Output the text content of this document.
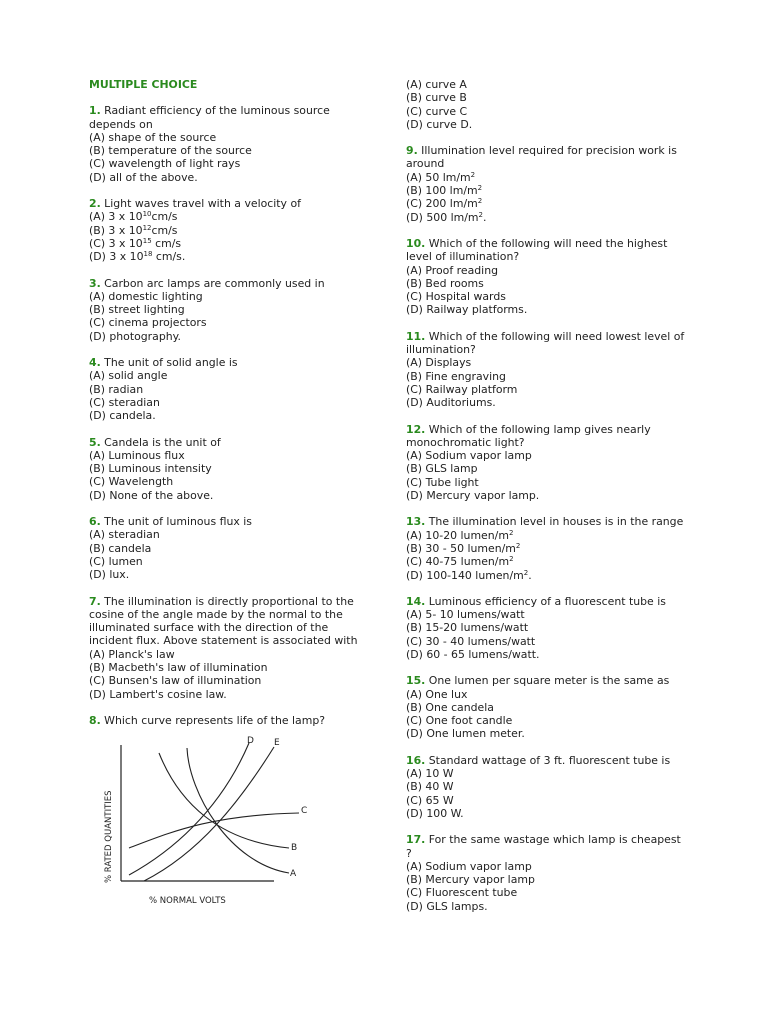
MULTIPLE CHOICE
1. Radiant efficiency of the luminous source depends on
(A) shape of the source
(B) temperature of the source
(C) wavelength of light rays
(D) all of the above.
2. Light waves travel with a velocity of
(A) 3 x $10^{10}cm/s$
(B) 3 x $10^{12}cm/s$
(C) 3 x $10^{15}$ cm/s
(D) 3 x $10^{18}$ cm/s.
3. Carbon arc lamps are commonly used in
(A) domestic lighting
(B) street lighting
(C) cinema projectors
(D) photography.
4. The unit of solid angle is
(A) solid angle
(B) radian
(C) steradian
(D) candela.
5. Candela is the unit of
(A) Luminous flux
(B) Luminous intensity
(C) Wavelength
(D) None of the above.
6. The unit of luminous flux is
(A) steradian
(B) candela
(C) lumen
(D) lux.
7. The illumination is directly proportional to the cosine of the angle made by the normal to the illuminated surface with the direction of the incident flux. Above statement is associated with
(A) Planck's law
(B) Macbeth's law of illumination
(C) Bunsen's law of illumination
(D) Lambert's cosine law.
8. Which curve represents life of the lamp?
D E
C
B
A
% RATED QUANTITIES
% NORMAL VOLTS
(A) curve A
(B) curve B
(C) curve C
(D) curve D.
9. Illumination level required for precision work is around
(A) 50 $lm/m^2$
(B) 100 $lm/m^2$
(C) 200 $lm/m^2$
(D) 500 $lm/m^2$.
10. Which of the following will need the highest level of illumination?
(A) Proof reading
(B) Bed rooms
(C) Hospital wards
(D) Railway platforms.
11. Which of the following will need lowest level of illumination?
(A) Displays
(B) Fine engraving
(C) Railway platform
(D) Auditoriums.
12. Which of the following lamp gives nearly monochromatic light?
(A) Sodium vapor lamp
(B) GLS lamp
(C) Tube light
(D) Mercury vapor lamp.
13. The illumination level in houses is in the range
(A) 10-20 lumen/$m^2$
(B) 30 - 50 lumen/$m^2$
(C) 40-75 lumen/$m^2$
(D) 100-140 lumen/$m^2$.
14. Luminous efficiency of a fluorescent tube is
(A) 5- 10 lumens/watt
(B) 15-20 lumens/watt
(C) 30 - 40 lumens/watt
(D) 60 - 65 lumens/watt.
15. One lumen per square meter is the same as
(A) One lux
(B) One candela
(C) One foot candle
(D) One lumen meter.
16. Standard wattage of 3 ft. fluorescent tube is
(A) 10 W
(B) 40 W
(C) 65 W
(D) 100 W.
17. For the same wastage which lamp is cheapest ?
(A) Sodium vapor lamp
(B) Mercury vapor lamp
(C) Fluorescent tube
(D) GLS lamps.
